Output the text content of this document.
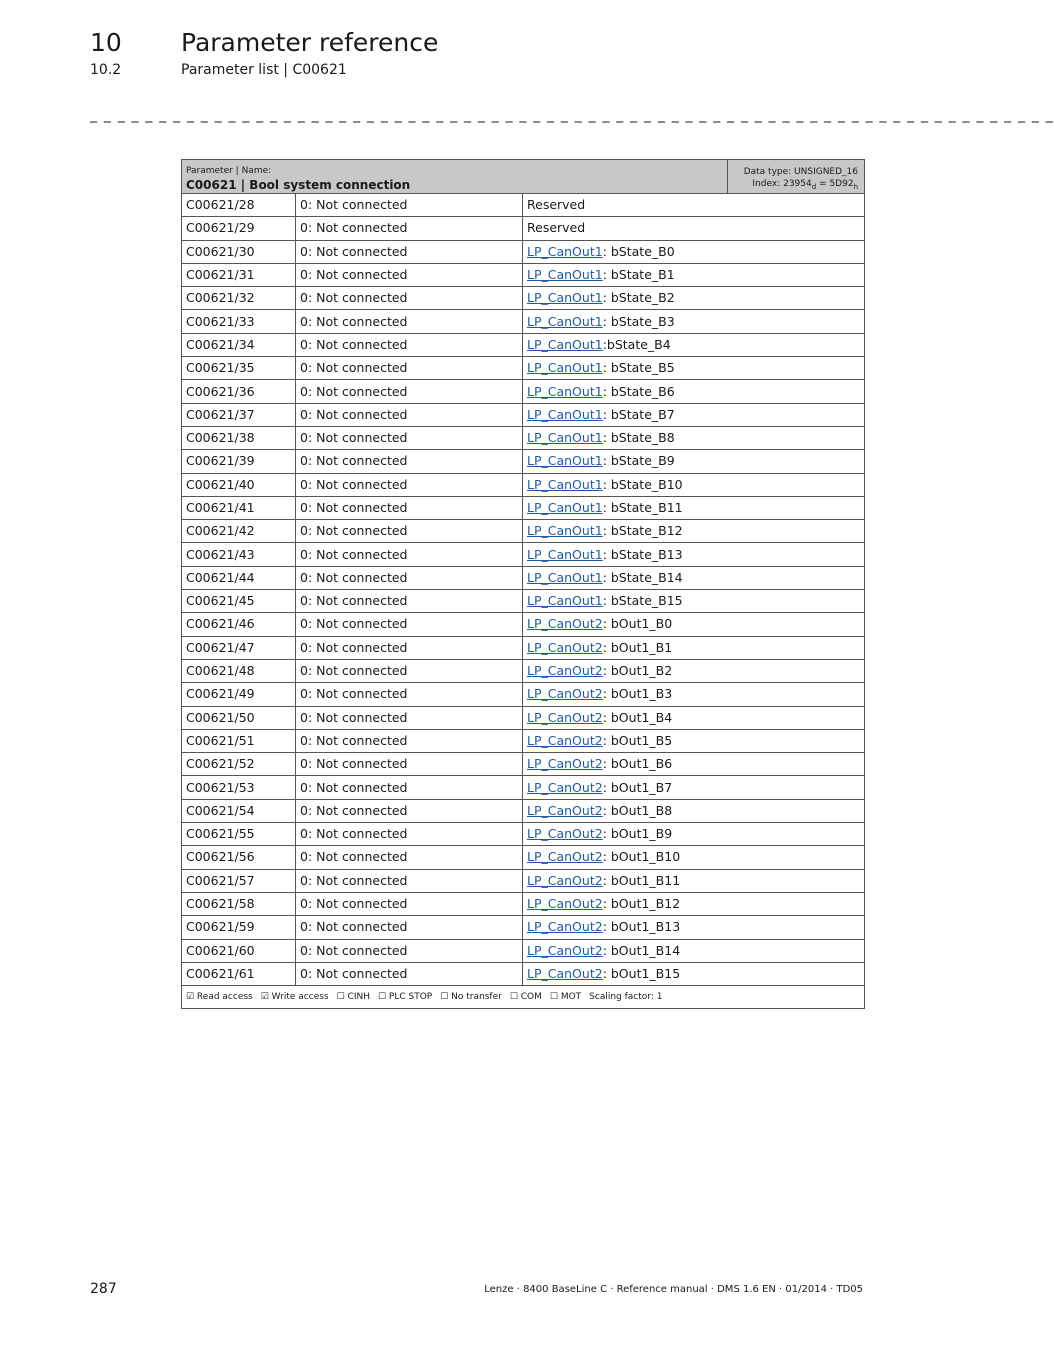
10 Parameter reference
10.2	Parameter list | C00621
_ _ _ _ _ _ _ _ _ _ _ _ _ _ _ _ _ _ _ _ _ _ _ _ _ _ _ _ _ _ _ _ _ _ _ _ _ _ _ _ _ _ _ _ _ _ _ _ _ _ _ _ _ _ _ _ _ _ _ _ _ _ _ _ _ _ _ _ _ _
Parameter | Name:
C00621 | Bool system connection			Data type: UNSIGNED_16
Index: $23954_d = 5D92_h$

C00621/28	0: Not connected	Reserved	
C00621/29	0: Not connected	Reserved	
C00621/30	0: Not connected	LP_CanOut1: bState_B0	
C00621/31	0: Not connected	LP_CanOut1: bState_B1	
C00621/32	0: Not connected	LP_CanOut1: bState_B2	
C00621/33	0: Not connected	LP_CanOut1: bState_B3	
C00621/34	0: Not connected	LP_CanOut1:bState_B4	
C00621/35	0: Not connected	LP_CanOut1: bState_B5	
C00621/36	0: Not connected	LP_CanOut1: bState_B6	
C00621/37	0: Not connected	LP_CanOut1: bState_B7	
C00621/38	0: Not connected	LP_CanOut1: bState_B8	
C00621/39	0: Not connected	LP_CanOut1: bState_B9	
C00621/40	0: Not connected	LP_CanOut1: bState_B10	
C00621/41	0: Not connected	LP_CanOut1: bState_B11	
C00621/42	0: Not connected	LP_CanOut1: bState_B12	
C00621/43	0: Not connected	LP_CanOut1: bState_B13	
C00621/44	0: Not connected	LP_CanOut1: bState_B14	
C00621/45	0: Not connected	LP_CanOut1: bState_B15	
C00621/46	0: Not connected	LP_CanOut2: bOut1_B0	
C00621/47	0: Not connected	LP_CanOut2: bOut1_B1	
C00621/48	0: Not connected	LP_CanOut2: bOut1_B2	
C00621/49	0: Not connected	LP_CanOut2: bOut1_B3	
C00621/50	0: Not connected	LP_CanOut2: bOut1_B4	
C00621/51	0: Not connected	LP_CanOut2: bOut1_B5	
C00621/52	0: Not connected	LP_CanOut2: bOut1_B6	
C00621/53	0: Not connected	LP_CanOut2: bOut1_B7	
C00621/54	0: Not connected	LP_CanOut2: bOut1_B8	
C00621/55	0: Not connected	LP_CanOut2: bOut1_B9	
C00621/56	0: Not connected	LP_CanOut2: bOut1_B10	
C00621/57	0: Not connected	LP_CanOut2: bOut1_B11	
C00621/58	0: Not connected	LP_CanOut2: bOut1_B12	
C00621/59	0: Not connected	LP_CanOut2: bOut1_B13	
C00621/60	0: Not connected	LP_CanOut2: bOut1_B14	
C00621/61	0: Not connected	LP_CanOut2: bOut1_B15	
☑ Read access ☑ Write access ☐ CINH ☐ PLC STOP ☐ No transfer ☐ COM ☐ MOT Scaling factor: 1			
287	Lenze · 8400 BaseLine C · Reference manual · DMS 1.6 EN · 01/2014 · TD05
